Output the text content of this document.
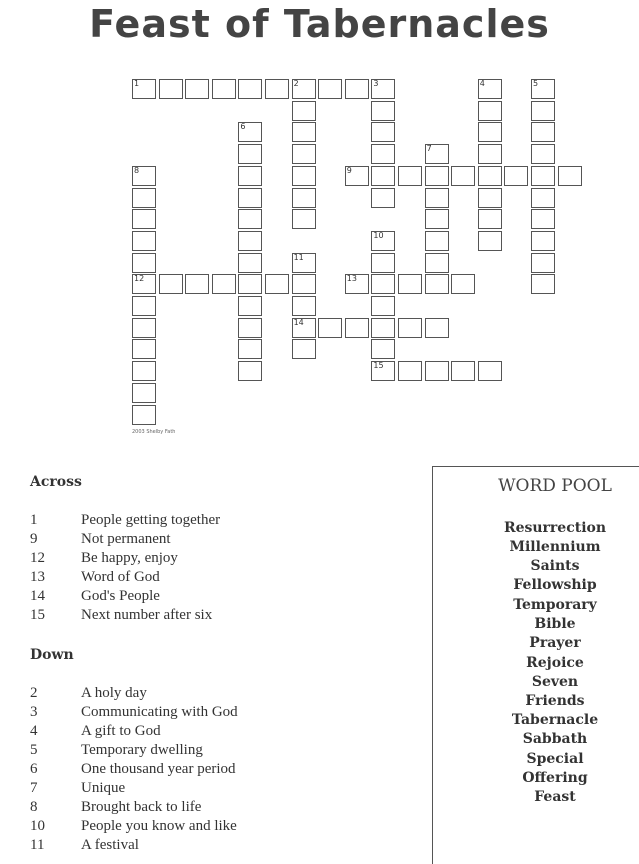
Feast of Tabernacles
1	2	3	4	5
6
7
8
12
9
10
11
14
13
15
2003 Shelby Fath
Across
1	People getting together
9	Not permanent
12	Be happy, enjoy
13	Word of God
14	God's People
15	Next number after six
Down
2	A holy day
3	Communicating with God
4	A gift to God
5	Temporary dwelling
6	One thousand year period
7	Unique
8	Brought back to life
10	People you know and like
11	A festival
WORD POOL
Resurrection
Millennium
Saints
Fellowship
Temporary
Bible
Prayer
Rejoice
Seven
Friends
Tabernacle
Sabbath
Special
Offering
Feast
